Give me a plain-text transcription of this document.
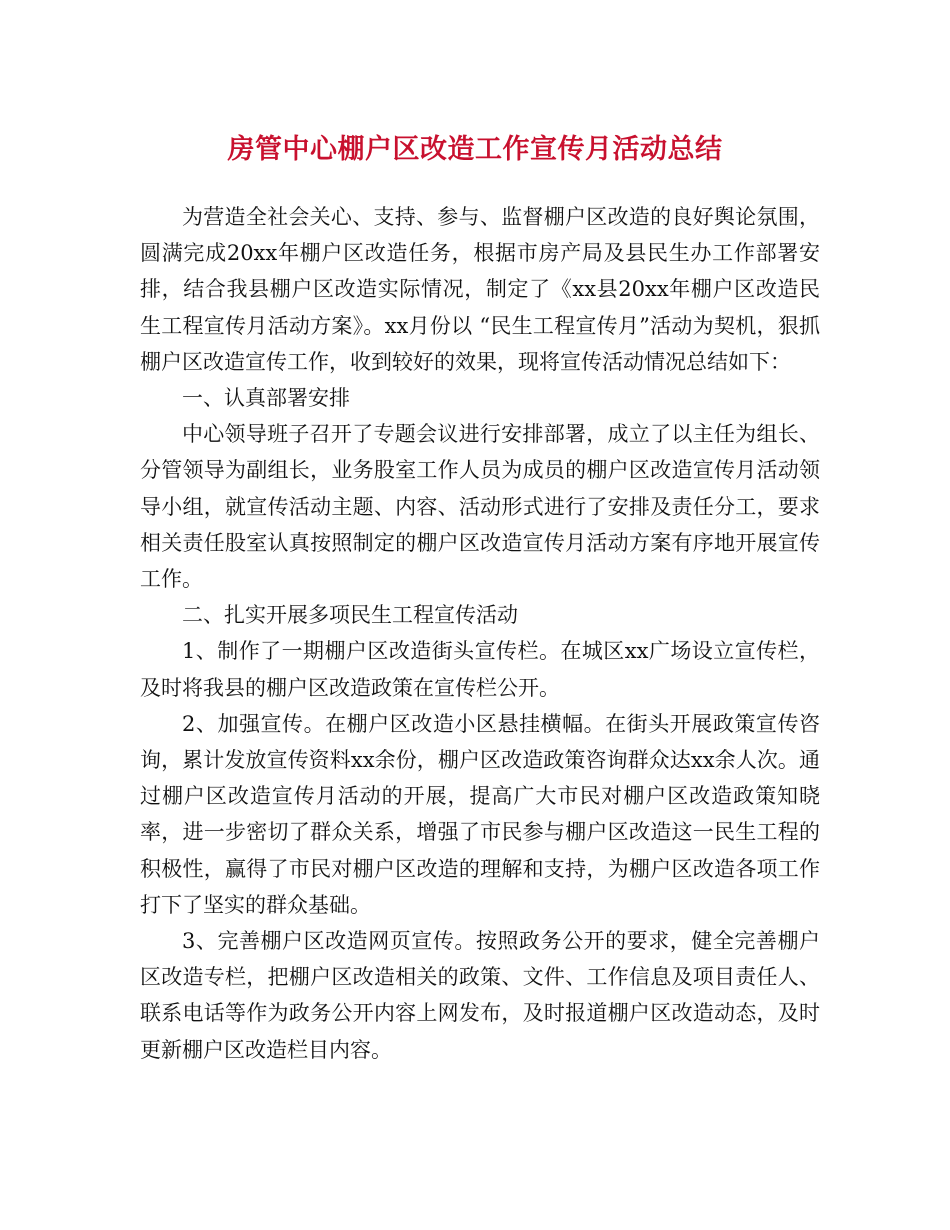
房管中心棚户区改造工作宣传月活动总结

为营造全社会关心、支持、参与、监督棚户区改造的良好舆论氛围，圆满完成20xx年棚户区改造任务，根据市房产局及县民生办工作部署安排，结合我县棚户区改造实际情况，制定了《xx县20xx年棚户区改造民生工程宣传月活动方案》。xx月份以 “民生工程宣传月”活动为契机，狠抓棚户区改造宣传工作，收到较好的效果，现将宣传活动情况总结如下：

一、认真部署安排

中心领导班子召开了专题会议进行安排部署，成立了以主任为组长、分管领导为副组长，业务股室工作人员为成员的棚户区改造宣传月活动领导小组，就宣传活动主题、内容、活动形式进行了安排及责任分工，要求相关责任股室认真按照制定的棚户区改造宣传月活动方案有序地开展宣传工作。

二、扎实开展多项民生工程宣传活动

1、制作了一期棚户区改造街头宣传栏。在城区xx广场设立宣传栏，及时将我县的棚户区改造政策在宣传栏公开。

2、加强宣传。在棚户区改造小区悬挂横幅。在街头开展政策宣传咨询，累计发放宣传资料xx余份，棚户区改造政策咨询群众达xx余人次。通过棚户区改造宣传月活动的开展，提高广大市民对棚户区改造政策知晓率，进一步密切了群众关系，增强了市民参与棚户区改造这一民生工程的积极性，赢得了市民对棚户区改造的理解和支持，为棚户区改造各项工作打下了坚实的群众基础。

3、完善棚户区改造网页宣传。按照政务公开的要求，健全完善棚户区改造专栏，把棚户区改造相关的政策、文件、工作信息及项目责任人、联系电话等作为政务公开内容上网发布，及时报道棚户区改造动态，及时更新棚户区改造栏目内容。
